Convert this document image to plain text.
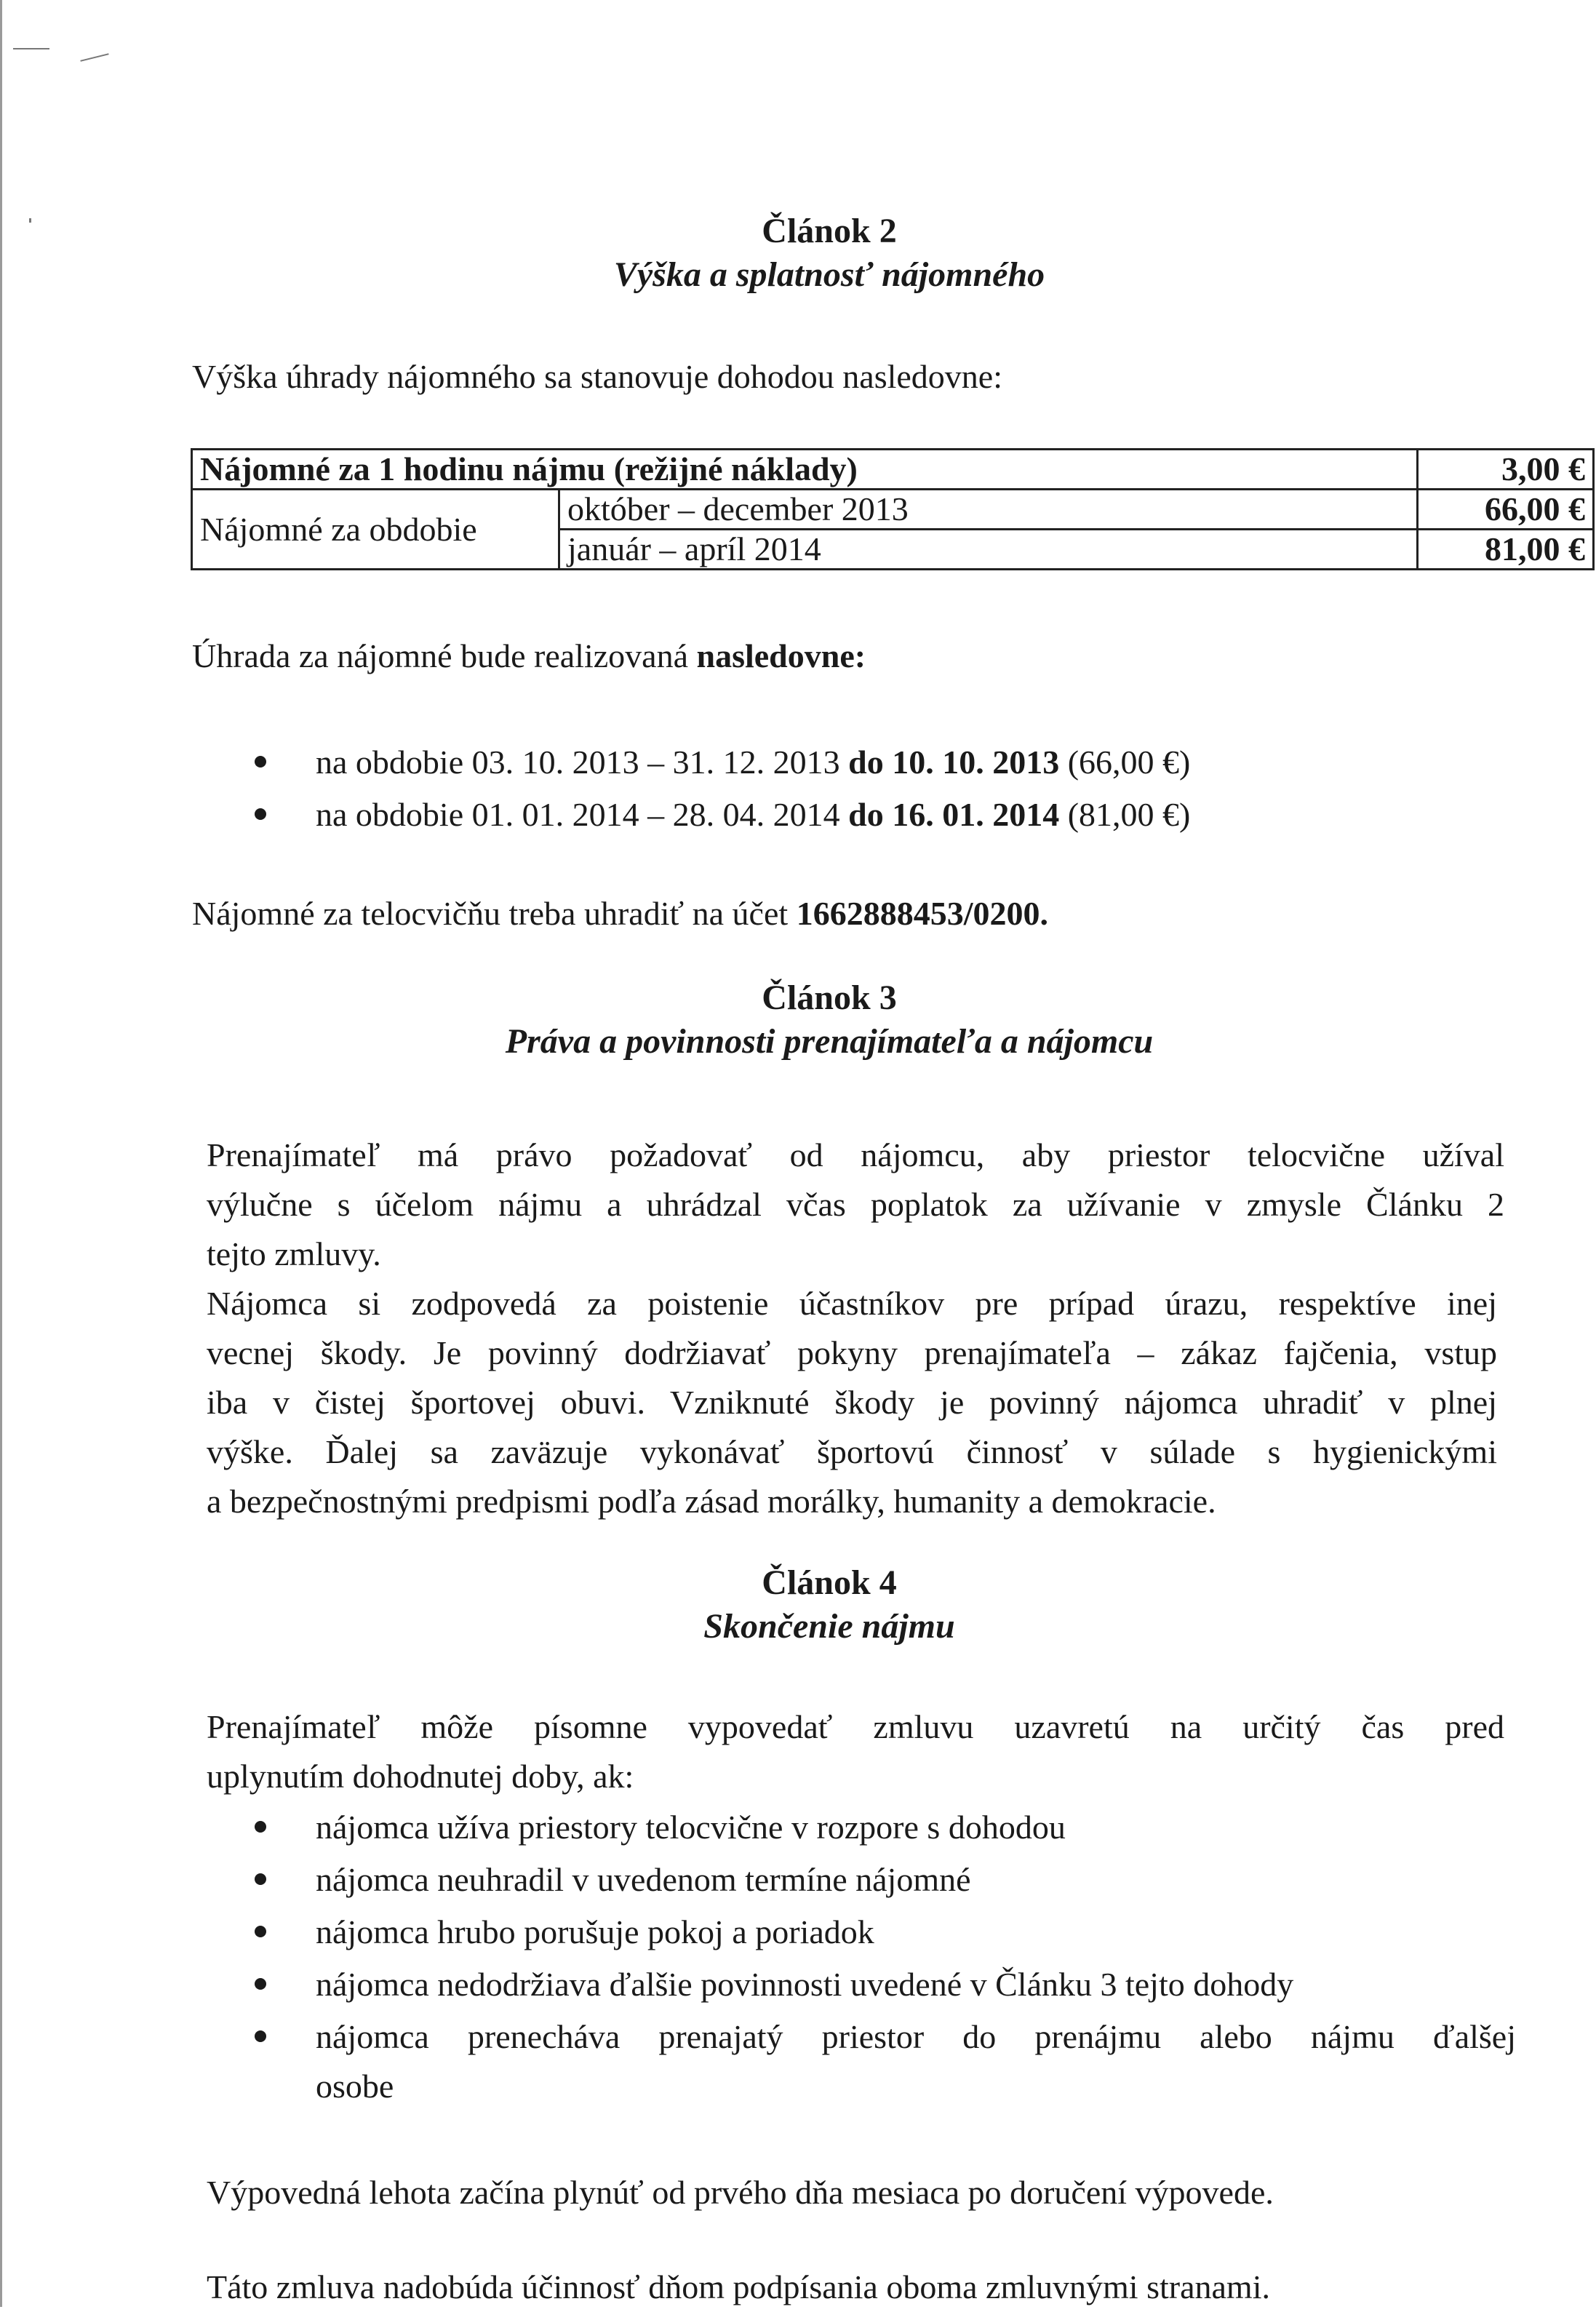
Článok 2
Výška a splatnosť nájomného
Výška úhrady nájomného sa stanovuje dohodou nasledovne:
Nájomné za 1 hodinu nájmu (režijné náklady)		3,00 €
Nájomné za obdobie	október – december 2013	66,00 €
	január – apríl 2014	81,00 €
Úhrada za nájomné bude realizovaná nasledovne:
na obdobie 03. 10. 2013 – 31. 12. 2013 do 10. 10. 2013 (66,00 €)
na obdobie 01. 01. 2014 – 28. 04. 2014 do 16. 01. 2014 (81,00 €)
Nájomné za telocvičňu treba uhradiť na účet 1662888453/0200.
Článok 3
Práva a povinnosti prenajímateľa a nájomcu
Prenajímateľ má právo požadovať od nájomcu, aby priestor telocvične užíval
výlučne s účelom nájmu a uhrádzal včas poplatok za užívanie v zmysle Článku 2
tejto zmluvy.
Nájomca si zodpovedá za poistenie účastníkov pre prípad úrazu, respektíve inej
vecnej škody. Je povinný dodržiavať pokyny prenajímateľa – zákaz fajčenia, vstup
iba v čistej športovej obuvi. Vzniknuté škody je povinný nájomca uhradiť v plnej
výške. Ďalej sa zaväzuje vykonávať športovú činnosť v súlade s hygienickými
a bezpečnostnými predpismi podľa zásad morálky, humanity a demokracie.
Článok 4
Skončenie nájmu
Prenajímateľ môže písomne vypovedať zmluvu uzavretú na určitý čas pred
uplynutím dohodnutej doby, ak:
nájomca užíva priestory telocvične v rozpore s dohodou
nájomca neuhradil v uvedenom termíne nájomné
nájomca hrubo porušuje pokoj a poriadok
nájomca nedodržiava ďalšie povinnosti uvedené v Článku 3 tejto dohody
nájomca prenecháva prenajatý priestor do prenájmu alebo nájmu ďalšej
osobe
Výpovedná lehota začína plynúť od prvého dňa mesiaca po doručení výpovede.
Táto zmluva nadobúda účinnosť dňom podpísania oboma zmluvnými stranami.
